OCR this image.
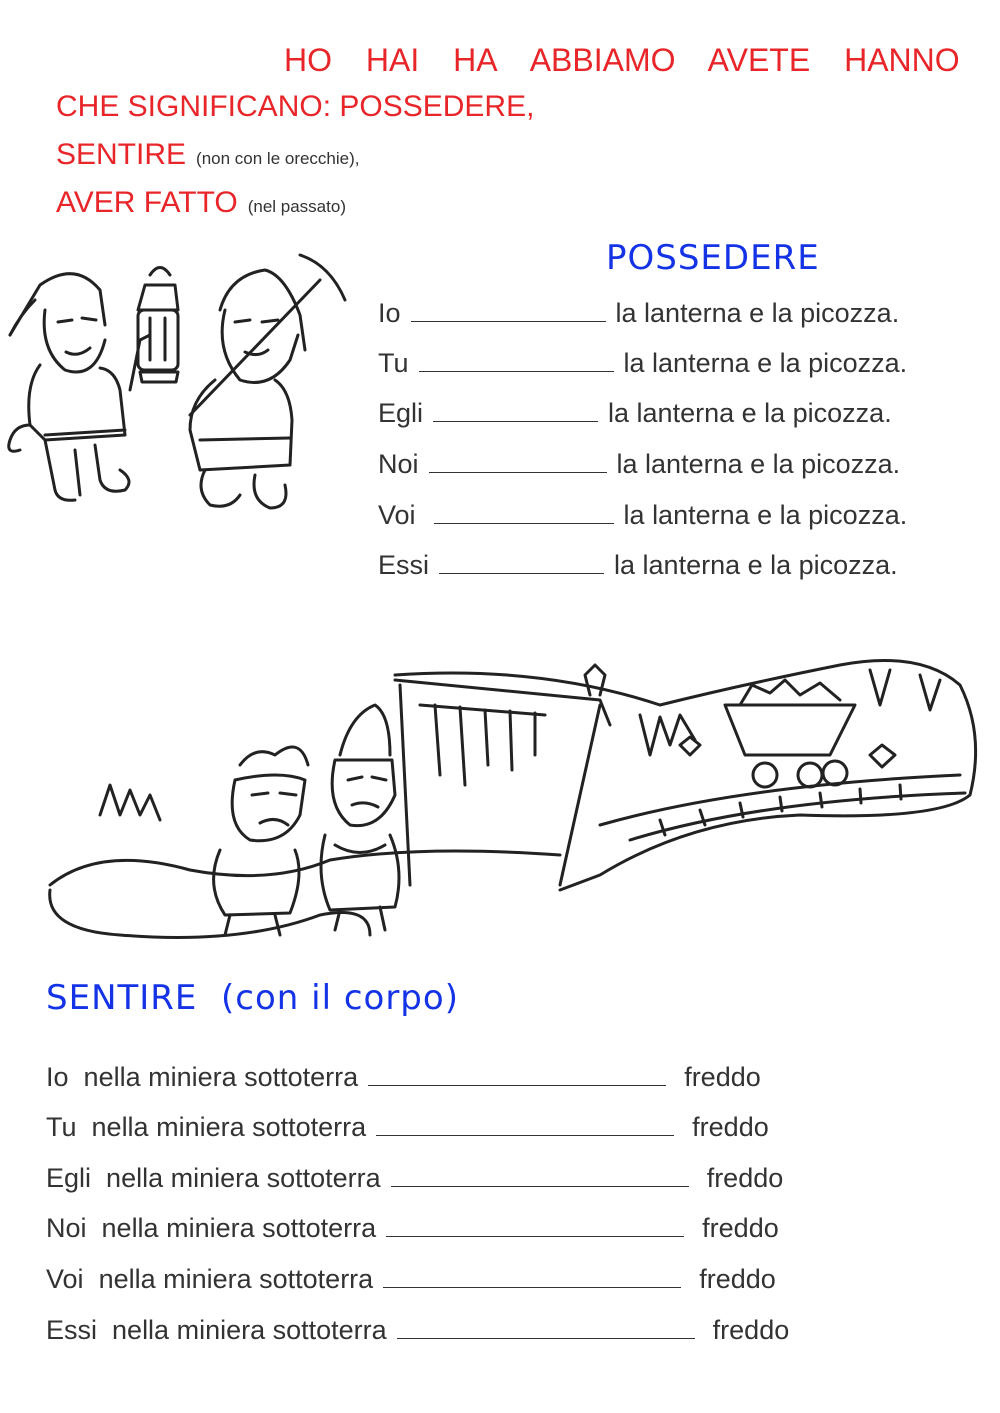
HO HAI HA ABBIAMO AVETE HANNO
CHE SIGNIFICANO: POSSEDERE,
SENTIRE (non con le orecchie),
AVER FATTO (nel passato)
POSSEDERE
Io	la lanterna e la picozza.
Tu	la lanterna e la picozza.
Egli	la lanterna e la picozza.
Noi	la lanterna e la picozza.
Voi	la lanterna e la picozza.
Essi	la lanterna e la picozza.
SENTIRE  (con il corpo)
Io nella miniera sottoterra	freddo
Tu nella miniera sottoterra	freddo
Egli nella miniera sottoterra	freddo
Noi nella miniera sottoterra	freddo
Voi nella miniera sottoterra	freddo
Essi nella miniera sottoterra	freddo
